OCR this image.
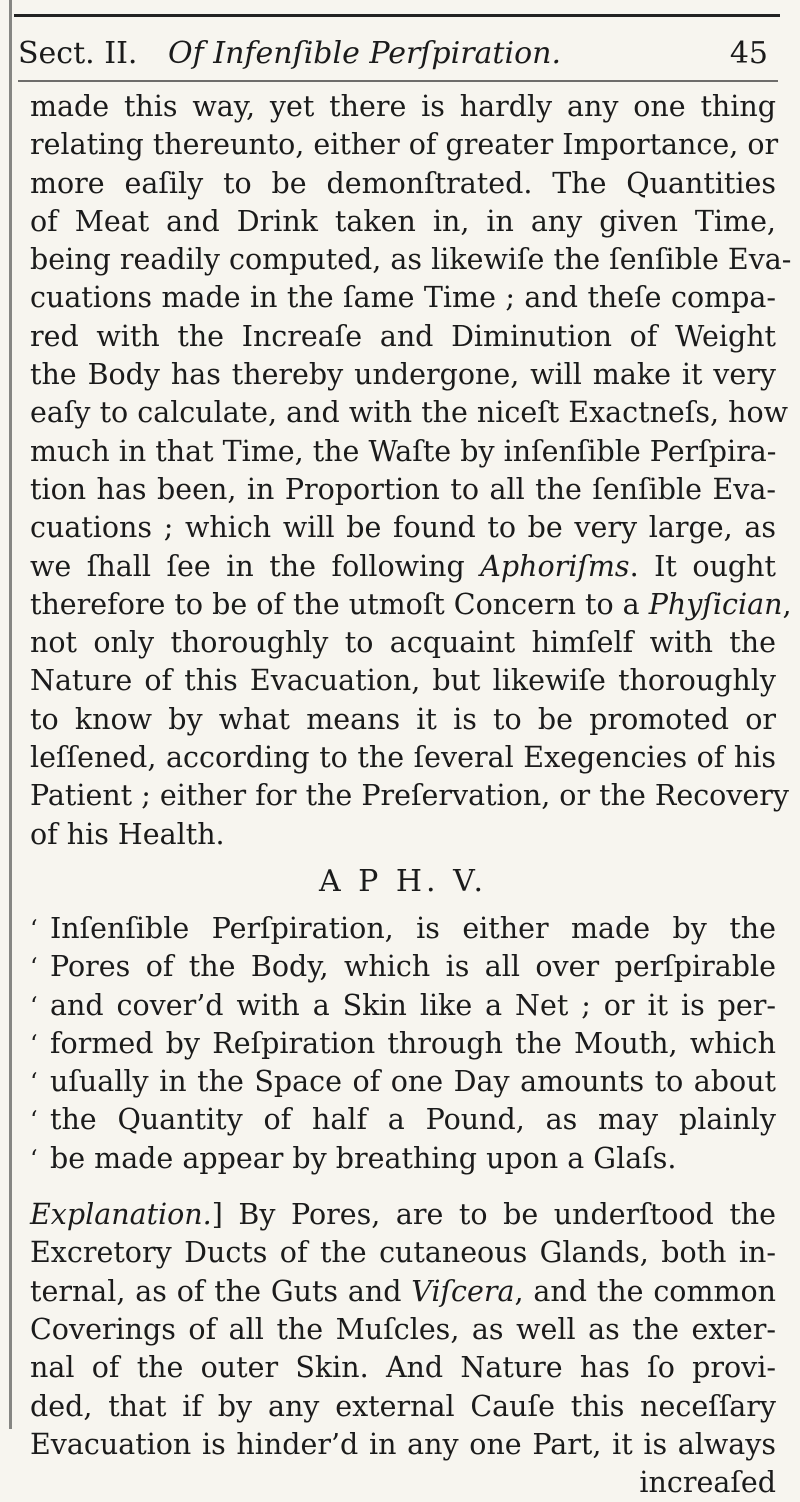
Sect. II. Of Infenſible Perſpiration.	45
made this way, yet there is hardly any one thing
relating thereunto, either of greater Importance, or
more eaſily to be demonſtrated. The Quantities
of Meat and Drink taken in, in any given Time,
being readily computed, as likewiſe the ſenſible Eva-
cuations made in the ſame Time ; and theſe compa-
red with the Increaſe and Diminution of Weight
the Body has thereby undergone, will make it very
eaſy to calculate, and with the niceſt Exactneſs, how
much in that Time, the Waſte by inſenſible Perſpira-
tion has been, in Proportion to all the ſenſible Eva-
cuations ; which will be found to be very large, as
we ſhall ſee in the following Aphoriſms. It ought
therefore to be of the utmoſt Concern to a Phyſician,
not only thoroughly to acquaint himſelf with the
Nature of this Evacuation, but likewiſe thoroughly
to know by what means it is to be promoted or
leſſened, according to the ſeveral Exegencies of his
Patient ; either for the Preſervation, or the Recovery
of his Health.
A P H. V.
‘ Inſenſible Perſpiration, is either made by the
‘ Pores of the Body, which is all over perſpirable
‘ and cover’d with a Skin like a Net ; or it is per-
‘ formed by Reſpiration through the Mouth, which
‘ uſually in the Space of one Day amounts to about
‘ the Quantity of half a Pound, as may plainly
‘ be made appear by breathing upon a Glaſs.
Explanation.] By Pores, are to be underſtood the
Excretory Ducts of the cutaneous Glands, both in-
ternal, as of the Guts and Viſcera, and the common
Coverings of all the Muſcles, as well as the exter-
nal of the outer Skin. And Nature has ſo provi-
ded, that if by any external Cauſe this neceſſary
Evacuation is hinder’d in any one Part, it is always
increaſed
